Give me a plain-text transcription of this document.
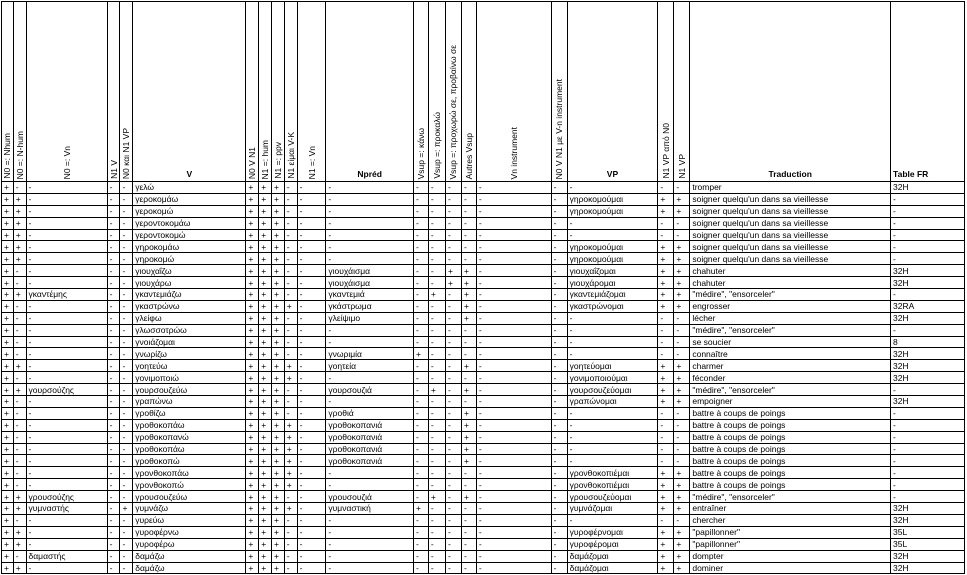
N0 =: Nhum	N0 =: N-hum	N0 =: Vn	N1 V	N0 και N1 VP	V	N0 V N1	N1 =: hum	N1 =: ppv	N1 είμαι V-K	N1 =: Vn	Npréd	Vsup =: κάνω	Vsup =: προκαλώ	Vsup =: προχωρώ σε, προβαίνω σε	Autres Vsup	Vn instrument	N0 V N1 με V-n instrument	VP	N1 VP από N0	N1 VP	Traduction	Table FR
+	-	-	-	-	γελώ	+	+	+	-	-	-	-	-	-	-	-	-	-	-	-	tromper	32H
+	+	-	-	-	γεροκομάω	+	+	+	-	-	-	-	-	-	-	-	-	γηροκομούμαι	+	+	soigner quelqu'un dans sa vieillesse	-
+	+	-	-	-	γεροκομώ	+	+	+	-	-	-	-	-	-	-	-	-	γηροκομούμαι	+	+	soigner quelqu'un dans sa vieillesse	-
+	+	-	-	-	γεροντοκομάω	+	+	+	-	-	-	-	-	-	-	-	-	-	-	-	soigner quelqu'un dans sa vieillesse	-
+	+	-	-	-	γεροντοκομώ	+	+	+	-	-	-	-	-	-	-	-	-	-	-	-	soigner quelqu'un dans sa vieillesse	-
+	+	-	-	-	γηροκομάω	+	+	+	-	-	-	-	-	-	-	-	-	γηροκομούμαι	+	+	soigner quelqu'un dans sa vieillesse	-
+	+	-	-	-	γηροκομώ	+	+	+	-	-	-	-	-	-	-	-	-	γηροκομούμαι	+	+	soigner quelqu'un dans sa vieillesse	-
+	-	-	-	-	γιουχαΐζω	+	+	+	-	-	γιουχάισμα	-	-	+	+	-	-	γιουχαΐζομαι	+	+	chahuter	32H
+	-	-	-	-	γιουχάρω	+	+	+	-	-	γιουχάισμα	-	-	+	+	-	-	γιουχάρομαι	+	+	chahuter	32H
+	+	γκαντέμης	-	-	γκαντεμιάζω	+	+	+	-	-	γκαντεμιά	-	+	-	+	-	-	γκαντεμιάζομαι	+	+	"médire", "ensorceler"	-
+	-	-	-	-	γκαστρώνω	+	+	+	+	-	γκάστρωμα	-	-	-	+	-	-	γκαστρώνομαι	+	+	engrosser	32RA
+	-	-	-	-	γλείφω	+	+	+	-	-	γλείψιμο	-	-	-	+	-	-	-	-	-	lécher	32H
+	-	-	-	-	γλωσσοτρώω	+	+	+	-	-	-	-	-	-	-	-	-	-	-	-	"médire", "ensorceler"	-
+	-	-	-	-	γνοιάζομαι	+	+	+	-	-	-	-	-	-	-	-	-	-	-	-	se soucier	8
+	-	-	-	-	γνωρίζω	+	+	+	-	-	γνωριμία	+	-	-	-	-	-	-	-	-	connaître	32H
+	+	-	-	-	γοητεύω	+	+	+	+	-	γοητεία	-	-	-	+	-	-	γοητεύομαι	+	+	charmer	32H
+	-	-	-	-	γονιμοποιώ	+	+	+	+	-	-	-	-	-	-	-	-	γονιμοποιούμαι	+	+	féconder	32H
+	+	γουρσούζης	-	-	γουρσουζεύω	+	+	+	-	-	γουρσουζιά	-	+	-	+	-	-	γουρσουζεύομαι	+	+	"médire", "ensorceler"	-
+	-	-	-	-	γραπώνω	+	+	+	-	-	-	-	-	-	-	-	-	γραπώνομαι	+	+	empoigner	32H
+	-	-	-	-	γροθίζω	+	+	+	-	-	γροθιά	-	-	-	+	-	-	-	-	-	battre à coups de poings	-
+	-	-	-	-	γροθοκοπάω	+	+	+	+	-	γροθοκοπανιά	-	-	-	+	-	-	-	-	-	battre à coups de poings	-
+	-	-	-	-	γροθοκοπανώ	+	+	+	+	-	γροθοκοπανιά	-	-	-	+	-	-	-	-	-	battre à coups de poings	-
+	-	-	-	-	γροθοκοπάω	+	+	+	+	-	γροθοκοπανιά	-	-	-	+	-	-	-	-	-	battre à coups de poings	-
+	-	-	-	-	γροθοκοπώ	+	+	+	+	-	γροθοκοπανιά	-	-	-	+	-	-	-	-	-	battre à coups de poings	-
+	-	-	-	-	γρονθοκοπάω	+	+	+	+	-	-	-	-	-	-	-	-	γρονθοκοπιέμαι	+	+	battre à coups de poings	-
+	-	-	-	-	γρονθοκοπώ	+	+	+	+	-	-	-	-	-	-	-	-	γρονθοκοπιέμαι	+	+	battre à coups de poings	-
+	+	γρουσούζης	-	-	γρουσουζεύω	+	+	+	-	-	γρουσουζιά	-	+	-	+	-	-	γρουσουζεύομαι	+	+	"médire", "ensorceler"	-
+	+	γυμναστής	-	+	γυμνάζω	+	+	+	+	-	γυμναστική	+	-	-	-	-	-	γυμνάζομαι	+	+	entraîner	32H
+	-	-	-	-	γυρεύω	+	+	+	-	-	-	-	-	-	-	-	-	-	-	-	chercher	32H
+	+	-	-	-	γυροφέρνω	+	+	+	-	-	-	-	-	-	-	-	-	γυροφέρνομαι	+	+	"papillonner"	35L
+	+	-	-	-	γυροφέρω	+	+	+	-	-	-	-	-	-	-	-	-	γυροφέρομαι	+	+	"papillonner"	35L
+	-	δαμαστής	-	-	δαμάζω	+	+	+	-	-	-	-	-	-	-	-	-	δαμάζομαι	+	+	dompter	32H
+	+	-	-	-	δαμάζω	+	+	+	-	-	-	-	-	-	-	-	-	δαμάζομαι	+	+	dominer	32H
